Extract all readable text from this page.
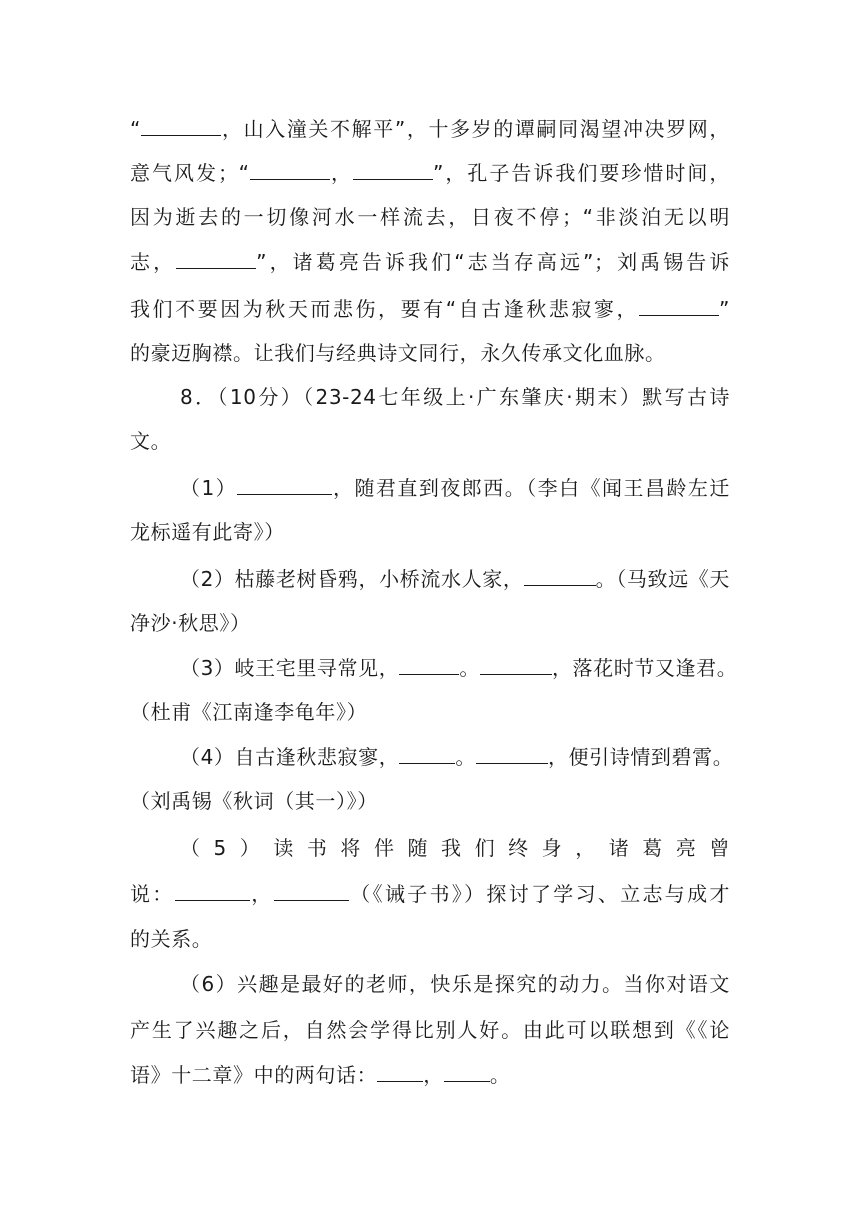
“	，山入潼关不解平”，十多岁的谭嗣同渴望冲决罗网，
意气风发；“	，	”，孔子告诉我们要珍惜时间，
因为逝去的一切像河水一样流去，日夜不停；“非淡泊无以明
志，	”，诸葛亮告诉我们“志当存高远”；刘禹锡告诉
我们不要因为秋天而悲伤，要有“自古逢秋悲寂寥，	”
的豪迈胸襟。让我们与经典诗文同行，永久传承文化血脉。
8．（10分）（23-24七年级上·广东肇庆·期末）默写古诗
文。
（1）	，随君直到夜郎西。（李白《闻王昌龄左迁
龙标遥有此寄》）
（2）枯藤老树昏鸦，小桥流水人家，	。（马致远《天
净沙·秋思》）
（3）岐王宅里寻常见，	。	，落花时节又逢君。
（杜甫《江南逢李龟年》）
（4）自古逢秋悲寂寥，	。	，便引诗情到碧霄。
（刘禹锡《秋词（其一）》）
（5）读书将伴随我们终身，诸葛亮曾
说：	，	（《诫子书》）探讨了学习、立志与成才
的关系。
（6）兴趣是最好的老师，快乐是探究的动力。当你对语文
产生了兴趣之后，自然会学得比别人好。由此可以联想到《《论
语》十二章》中的两句话： ， 。
